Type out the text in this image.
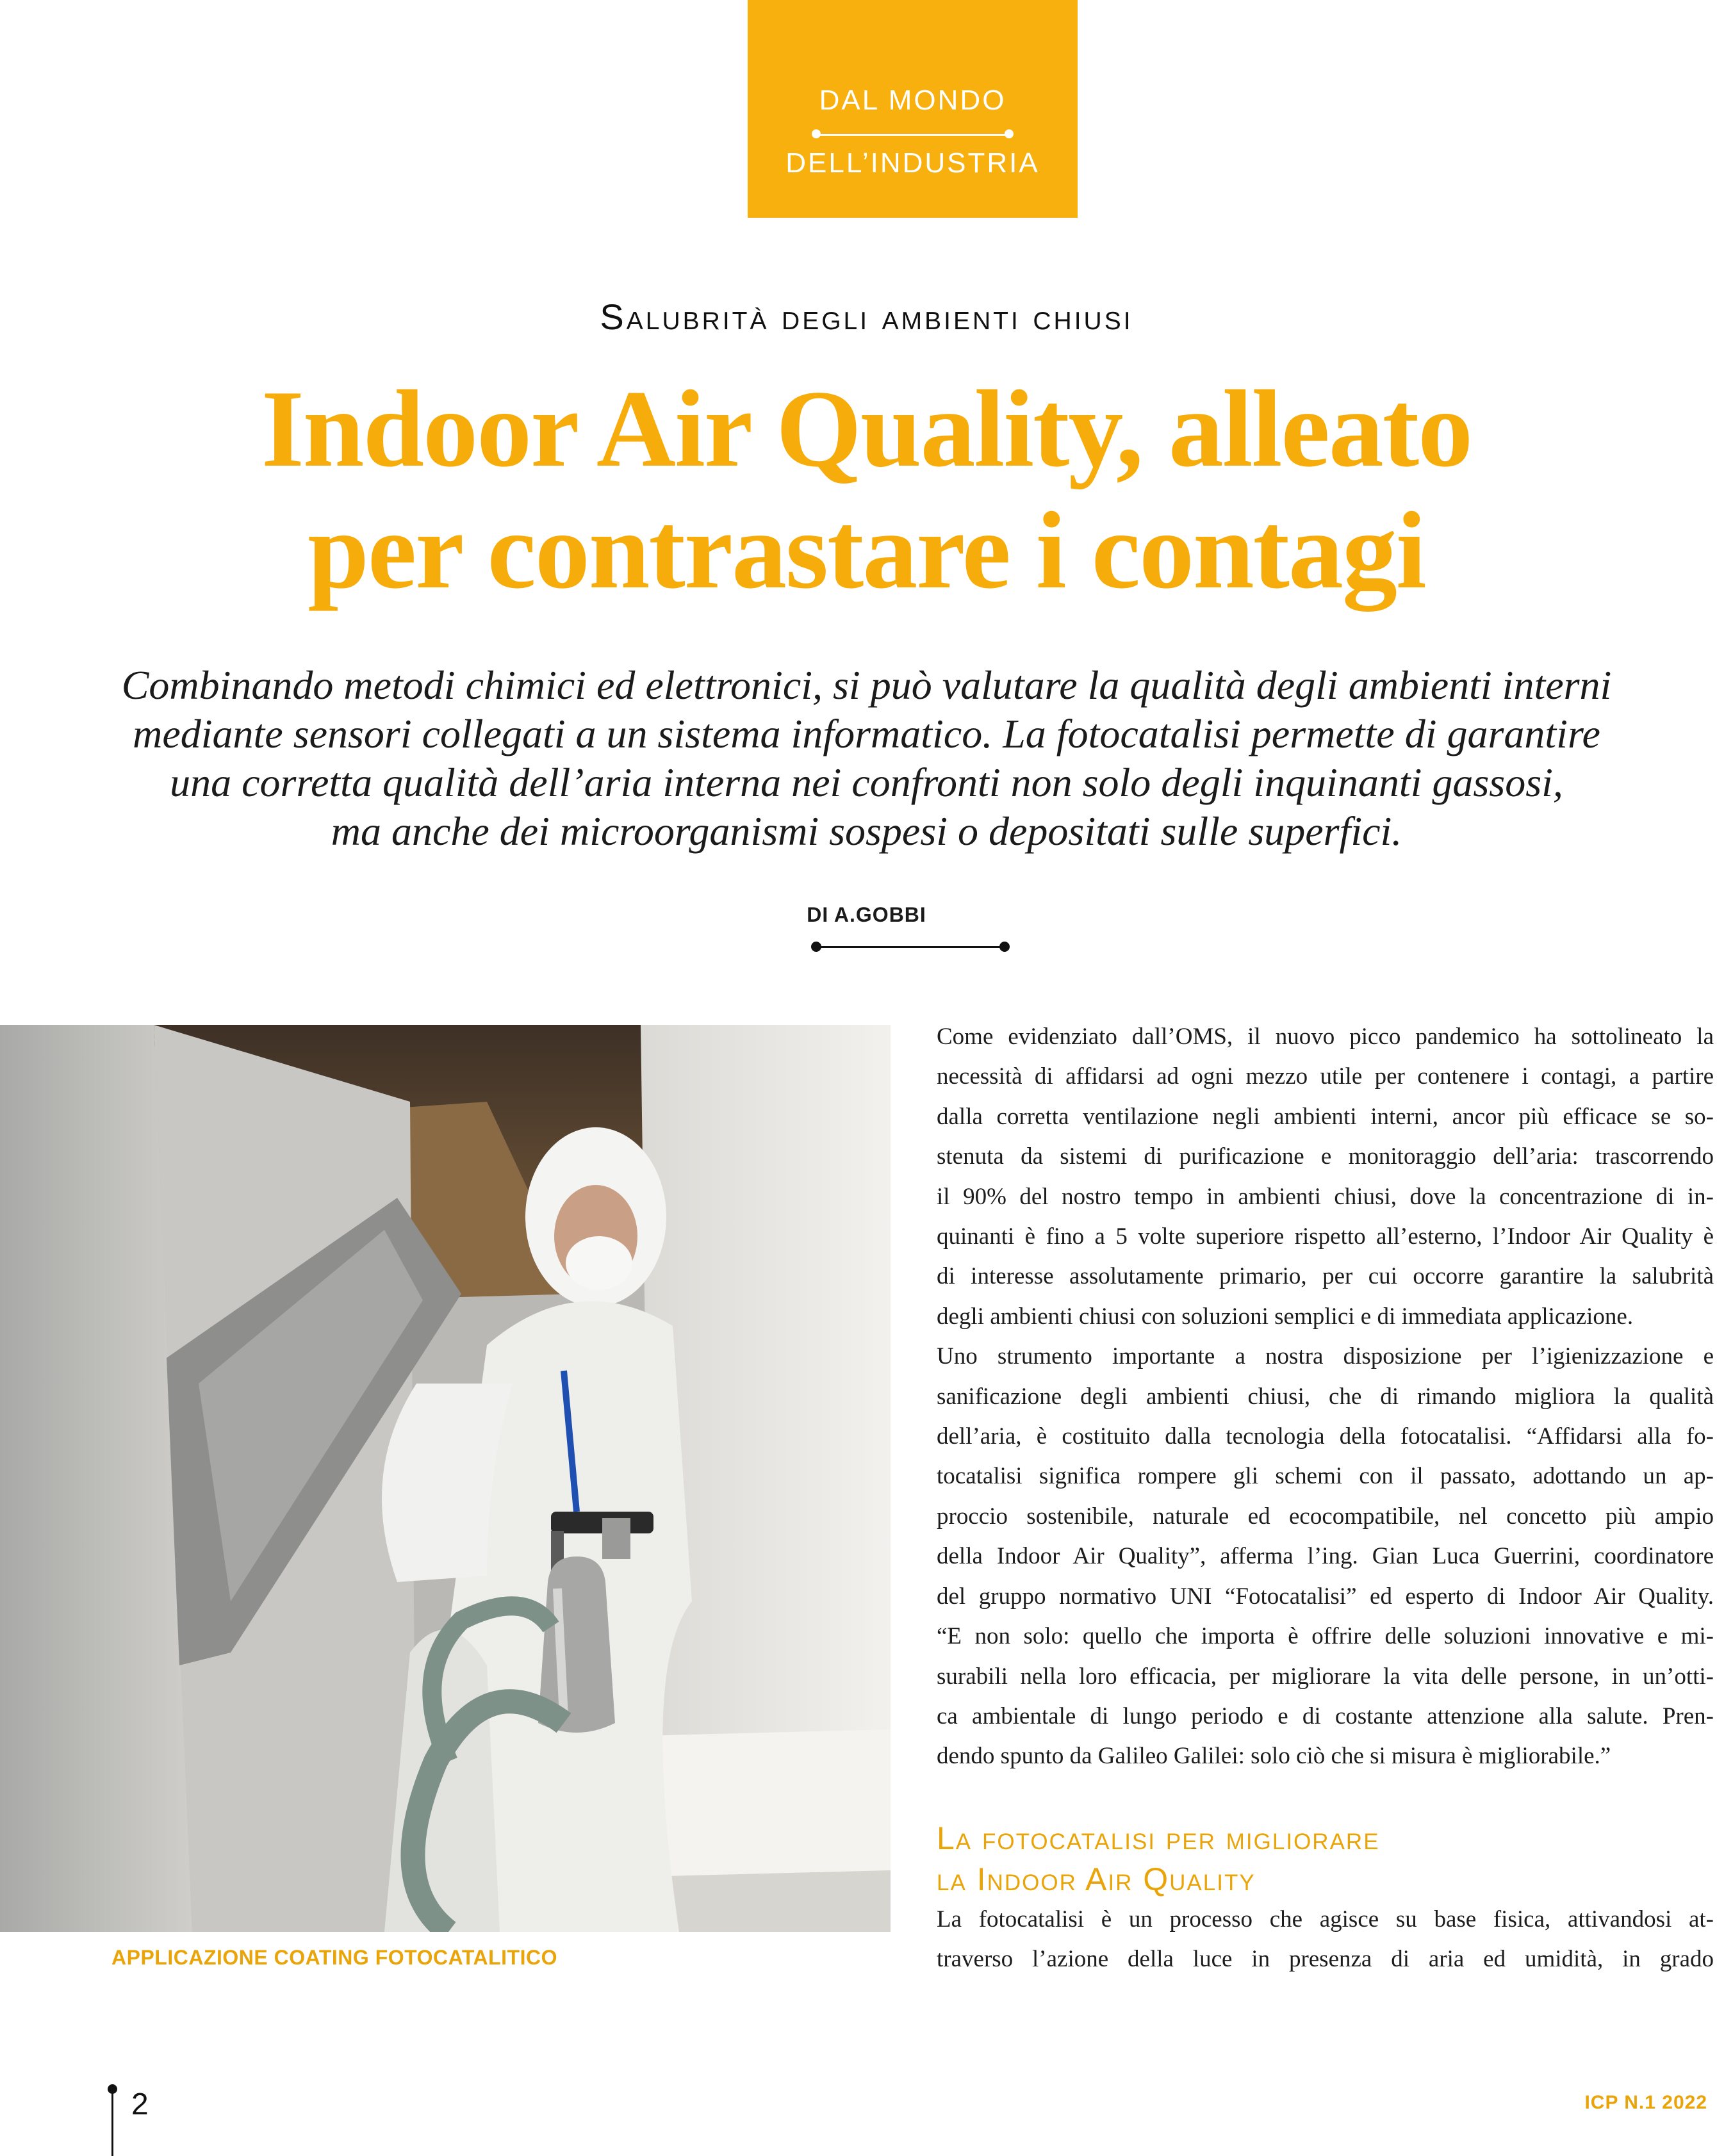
DAL MONDO
DELL’INDUSTRIA
Salubrità degli ambienti chiusi
Indoor Air Quality, alleato
per contrastare i contagi
Combinando metodi chimici ed elettronici, si può valutare la qualità degli ambienti interni
mediante sensori collegati a un sistema informatico. La fotocatalisi permette di garantire
una corretta qualità dell’aria interna nei confronti non solo degli inquinanti gassosi,
ma anche dei microorganismi sospesi o depositati sulle superfici.
DI A.GOBBI
APPLICAZIONE COATING FOTOCATALITICO
Come evidenziato dall’OMS, il nuovo picco pandemico ha sottolineato la
necessità di affidarsi ad ogni mezzo utile per contenere i contagi, a partire
dalla corretta ventilazione negli ambienti interni, ancor più efficace se so-
stenuta da sistemi di purificazione e monitoraggio dell’aria: trascorrendo
il 90% del nostro tempo in ambienti chiusi, dove la concentrazione di in-
quinanti è fino a 5 volte superiore rispetto all’esterno, l’Indoor Air Quality è
di interesse assolutamente primario, per cui occorre garantire la salubrità
degli ambienti chiusi con soluzioni semplici e di immediata applicazione.
Uno strumento importante a nostra disposizione per l’igienizzazione e
sanificazione degli ambienti chiusi, che di rimando migliora la qualità
dell’aria, è costituito dalla tecnologia della fotocatalisi. “Affidarsi alla fo-
tocatalisi significa rompere gli schemi con il passato, adottando un ap-
proccio sostenibile, naturale ed ecocompatibile, nel concetto più ampio
della Indoor Air Quality”, afferma l’ing. Gian Luca Guerrini, coordinatore
del gruppo normativo UNI “Fotocatalisi” ed esperto di Indoor Air Quality.
“E non solo: quello che importa è offrire delle soluzioni innovative e mi-
surabili nella loro efficacia, per migliorare la vita delle persone, in un’otti-
ca ambientale di lungo periodo e di costante attenzione alla salute. Pren-
dendo spunto da Galileo Galilei: solo ciò che si misura è migliorabile.”
La fotocatalisi per migliorare
la Indoor Air Quality
La fotocatalisi è un processo che agisce su base fisica, attivandosi at-
traverso l’azione della luce in presenza di aria ed umidità, in grado
2	ICP N.1 2022
